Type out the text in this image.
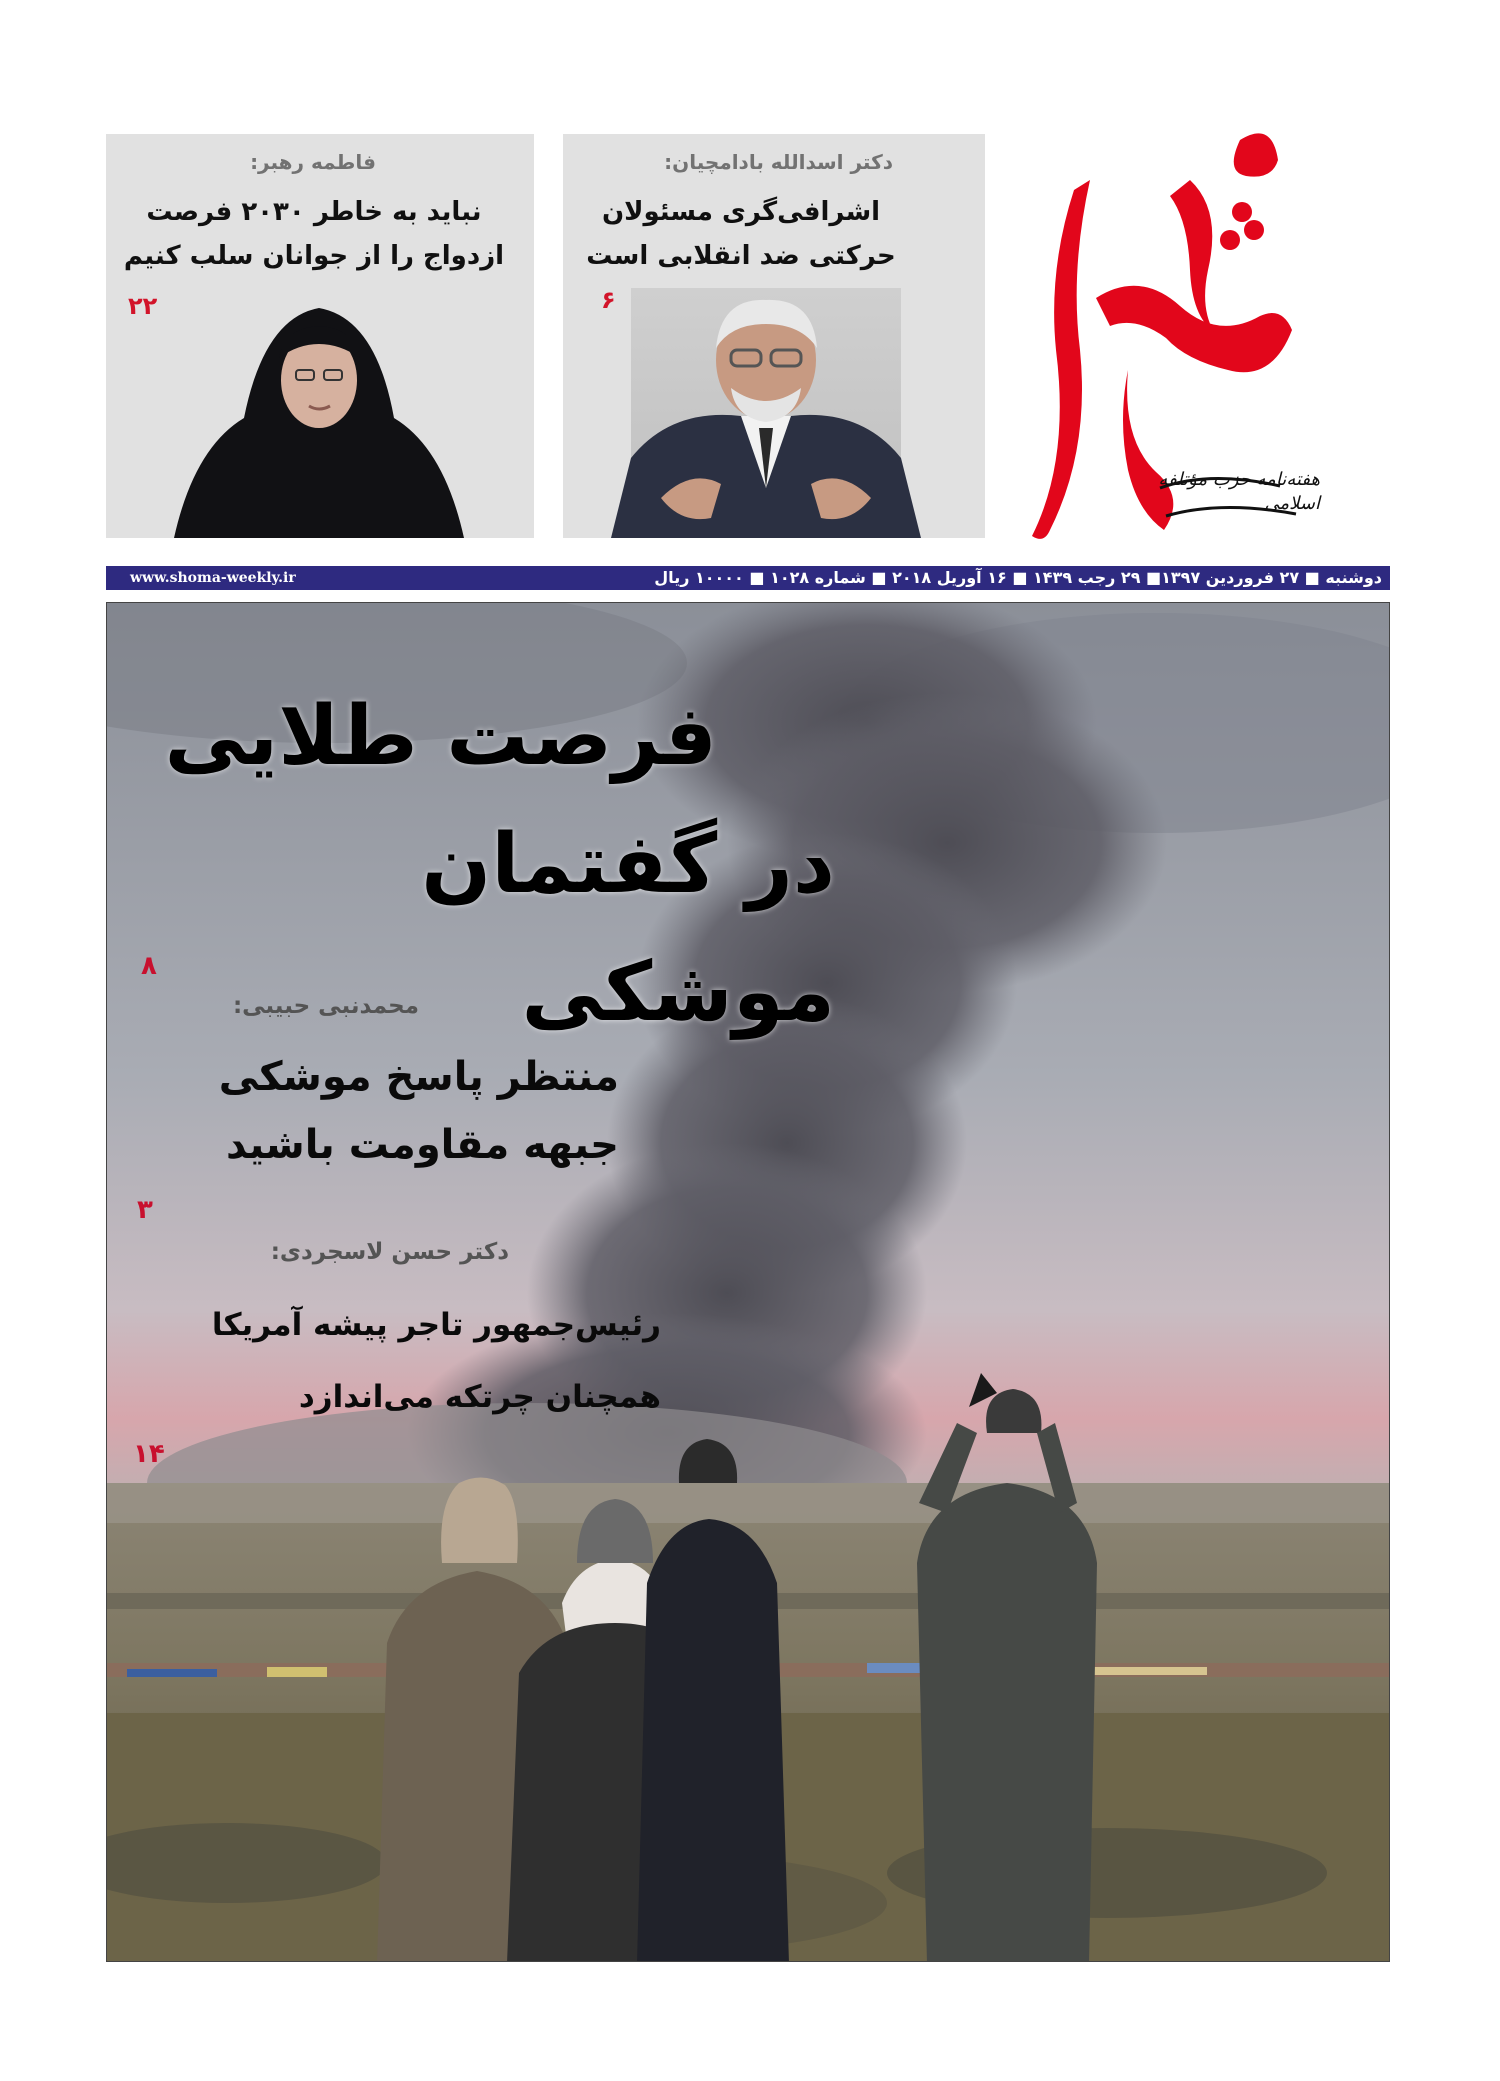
هفته‌نامه حزب مؤتلفه اسلامی
دکتر اسدالله بادامچیان:
اشرافی‌گری مسئولان
حرکتی ضد انقلابی است
۶
فاطمه رهبر:
نباید به خاطر ۲۰۳۰ فرصت
ازدواج را از جوانان سلب کنیم
۲۲
دوشنبه ■ ۲۷ فروردین ۱۳۹۷■ ۲۹ رجب ۱۴۳۹ ■ ۱۶ آوریل ۲۰۱۸ ■ شماره ۱۰۲۸ ■ ۱۰۰۰۰ ریال
www.shoma-weekly.ir
فرصت طلایی
در گفتمان موشکی
۸
محمدنبی حبیبی:
منتظر پاسخ موشکی
جبهه مقاومت باشید
۳
دکتر حسن لاسجردی:
رئیس‌جمهور تاجر پیشه آمریکا
همچنان چرتکه می‌اندازد
۱۴
